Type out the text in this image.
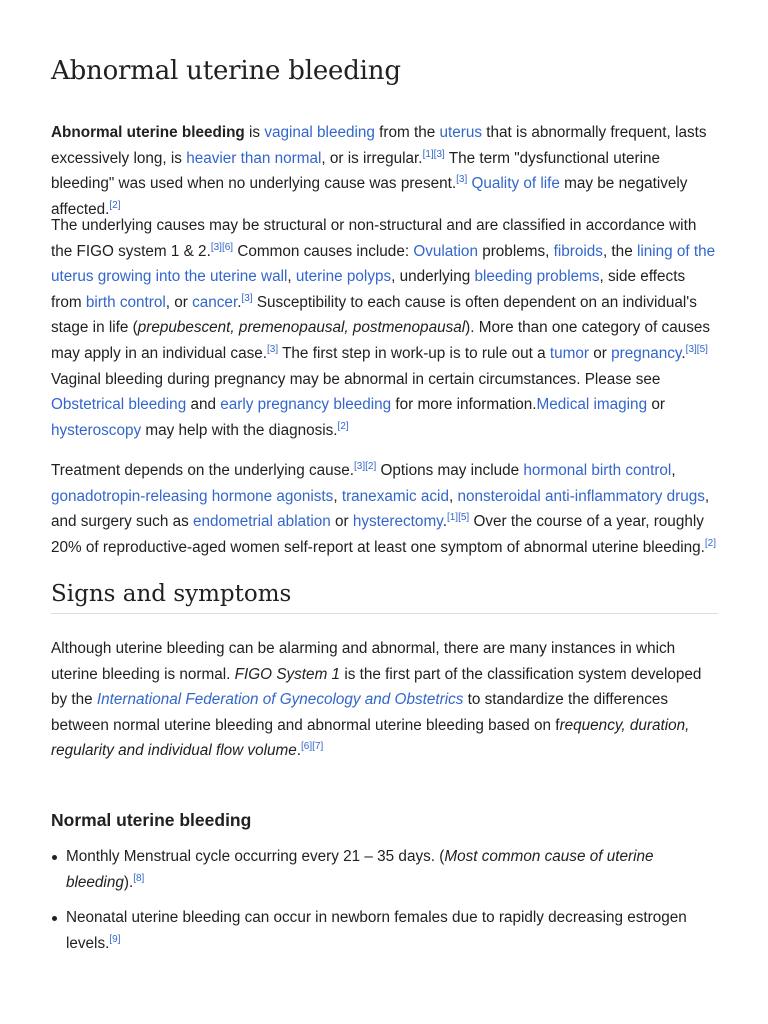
Abnormal uterine bleeding

Abnormal uterine bleeding is vaginal bleeding from the uterus that is abnormally frequent, lasts excessively long, is heavier than normal, or is irregular.[1][3] The term "dysfunctional uterine bleeding" was used when no underlying cause was present.[3] Quality of life may be negatively affected.[2]

The underlying causes may be structural or non-structural and are classified in accordance with the FIGO system 1 & 2.[3][6] Common causes include: Ovulation problems, fibroids, the lining of the uterus growing into the uterine wall, uterine polyps, underlying bleeding problems, side effects from birth control, or cancer.[3] Susceptibility to each cause is often dependent on an individual's stage in life (prepubescent, premenopausal, postmenopausal). More than one category of causes may apply in an individual case.[3] The first step in work-up is to rule out a tumor or pregnancy.[3][5] Vaginal bleeding during pregnancy may be abnormal in certain circumstances. Please see Obstetrical bleeding and early pregnancy bleeding for more information.Medical imaging or hysteroscopy may help with the diagnosis.[2]

Treatment depends on the underlying cause.[3][2] Options may include hormonal birth control, gonadotropin-releasing hormone agonists, tranexamic acid, nonsteroidal anti-inflammatory drugs, and surgery such as endometrial ablation or hysterectomy.[1][5] Over the course of a year, roughly 20% of reproductive-aged women self-report at least one symptom of abnormal uterine bleeding.[2]

Signs and symptoms

Although uterine bleeding can be alarming and abnormal, there are many instances in which uterine bleeding is normal. FIGO System 1 is the first part of the classification system developed by the International Federation of Gynecology and Obstetrics to standardize the differences between normal uterine bleeding and abnormal uterine bleeding based on frequency, duration, regularity and individual flow volume.[6][7]

Normal uterine bleeding
Monthly Menstrual cycle occurring every 21 – 35 days. (Most common cause of uterine bleeding).[8]
Neonatal uterine bleeding can occur in newborn females due to rapidly decreasing estrogen levels.[9]
